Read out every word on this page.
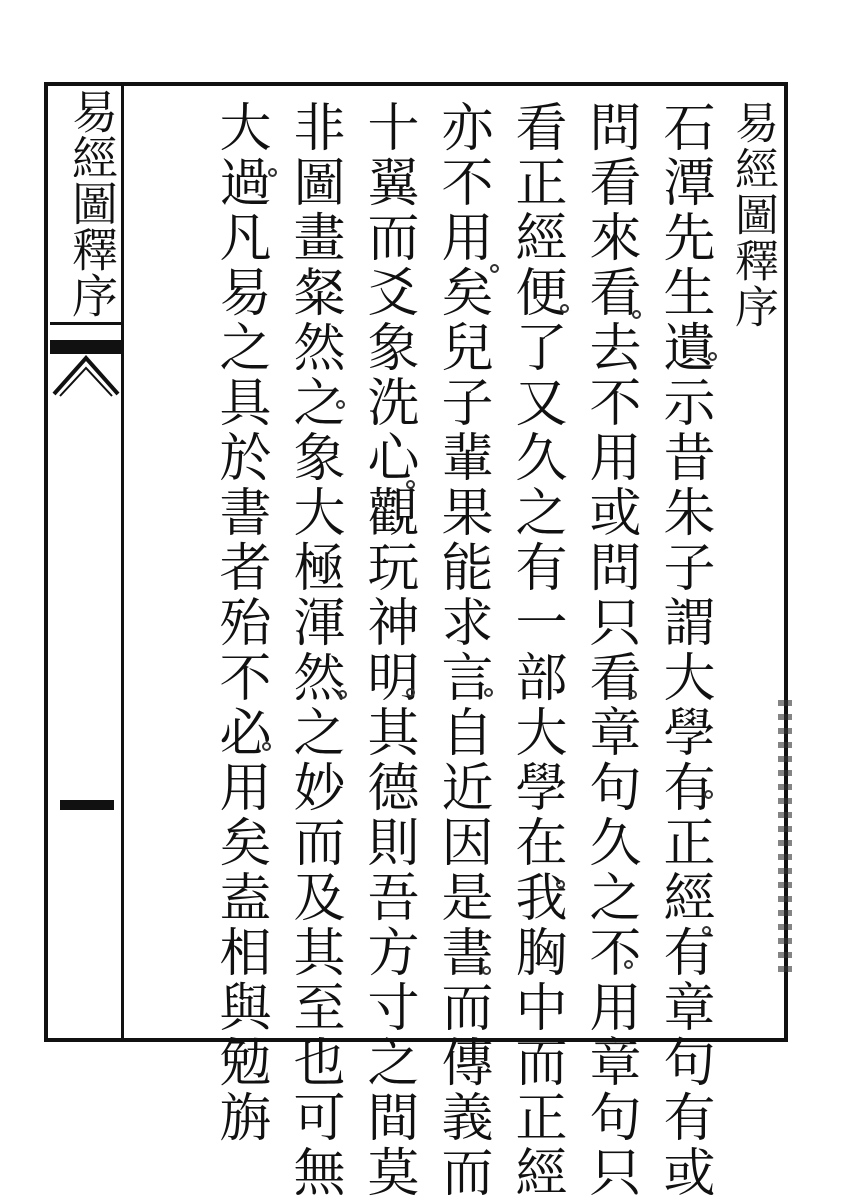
易經圖釋序	易經圖釋序
石潭先生遺示昔朱子謂大學有正經有章句有或
問看來看去不用或問只看章句久之不用章句只
看正經便了又久之有一部大學在我胸中而正經
亦不用矣兒子輩果能求言自近因是書而傳義而
十翼而爻象洗心觀玩神明其德則吾方寸之間莫
非圖畫粲然之象大極渾然之妙而及其至也可無
大過凡易之具於書者殆不必用矣盍相與勉旃
